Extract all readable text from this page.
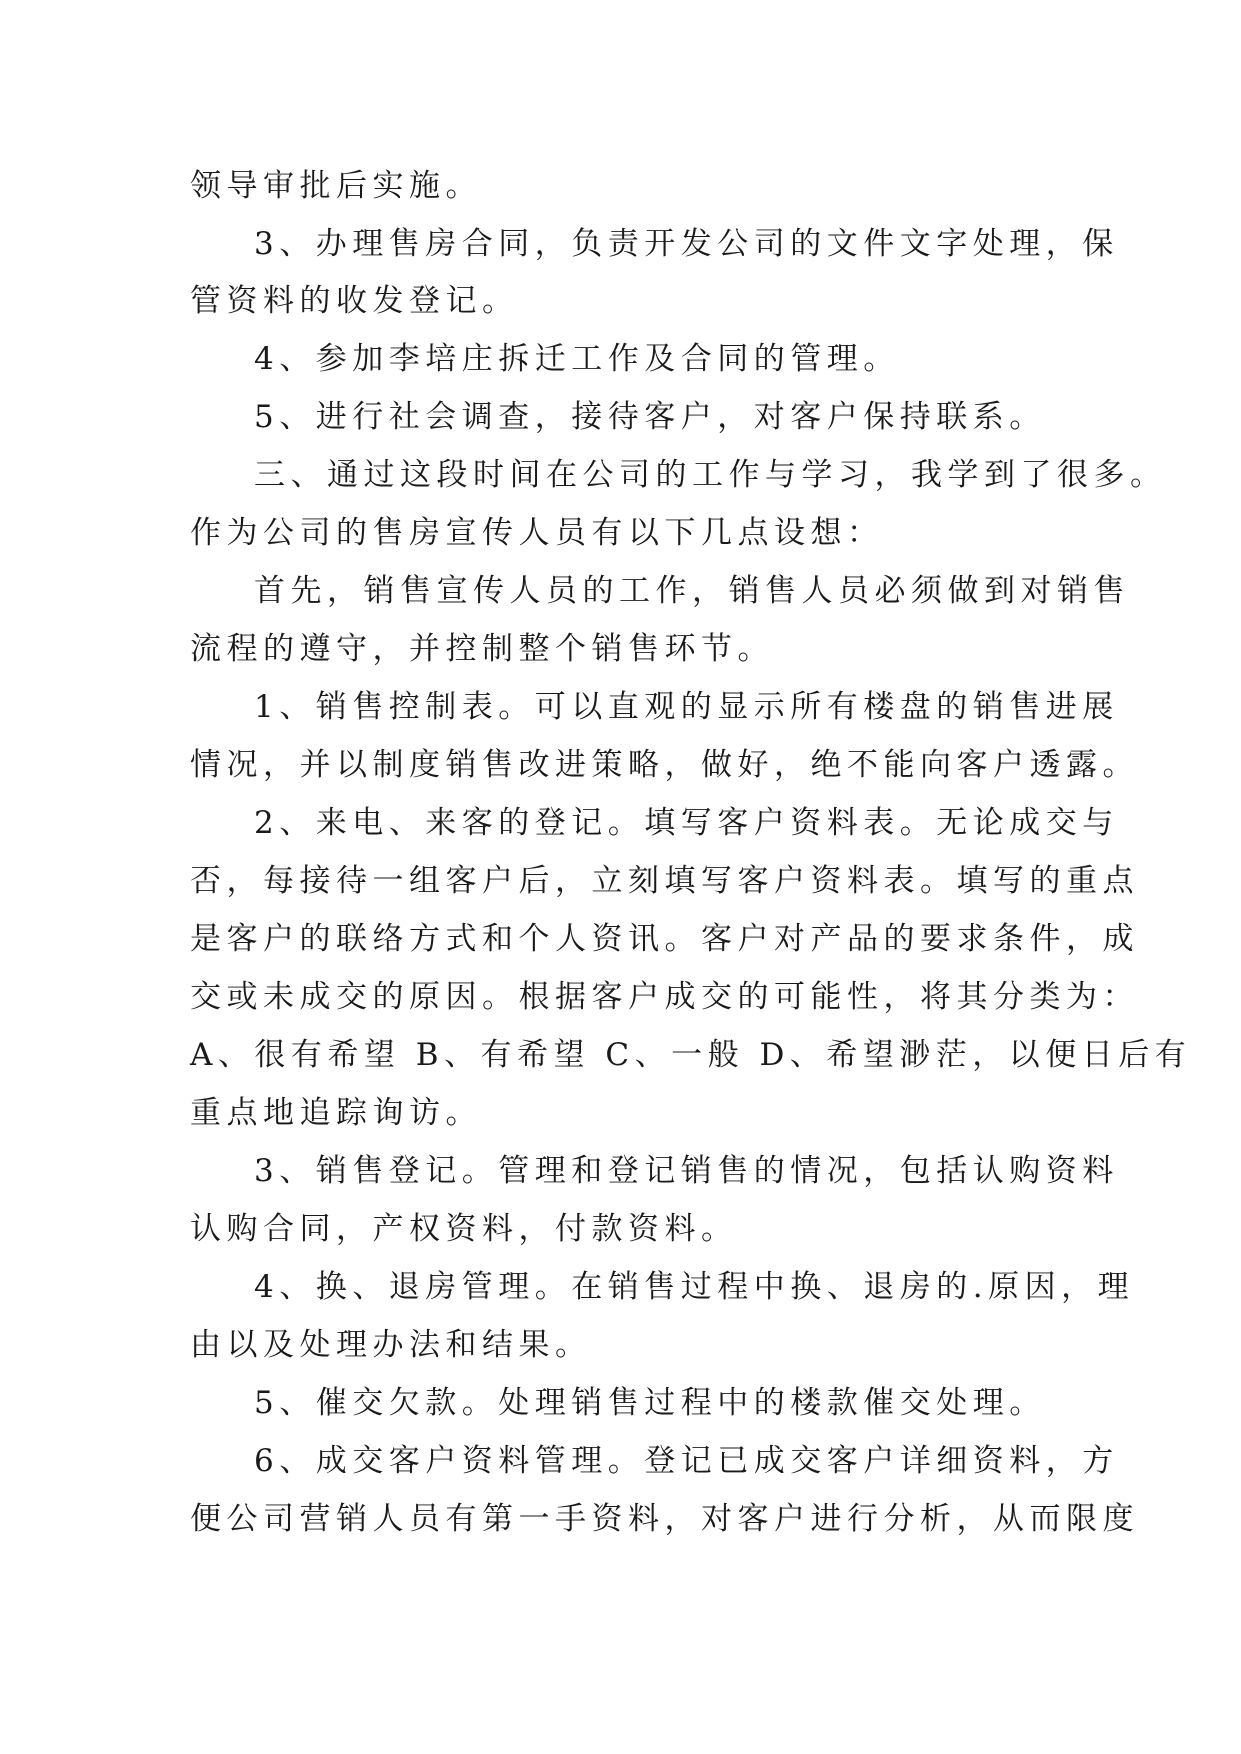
领导审批后实施。
3、办理售房合同，负责开发公司的文件文字处理，保
管资料的收发登记。
4、参加李培庄拆迁工作及合同的管理。
5、进行社会调查，接待客户，对客户保持联系。
三、通过这段时间在公司的工作与学习，我学到了很多。
作为公司的售房宣传人员有以下几点设想：
首先，销售宣传人员的工作，销售人员必须做到对销售
流程的遵守，并控制整个销售环节。
1、销售控制表。可以直观的显示所有楼盘的销售进展
情况，并以制度销售改进策略，做好，绝不能向客户透露。
2、来电、来客的登记。填写客户资料表。无论成交与
否，每接待一组客户后，立刻填写客户资料表。填写的重点
是客户的联络方式和个人资讯。客户对产品的要求条件，成
交或未成交的原因。根据客户成交的可能性，将其分类为：
A、很有希望 B、有希望 C、一般 D、希望渺茫，以便日后有
重点地追踪询访。
3、销售登记。管理和登记销售的情况，包括认购资料
认购合同，产权资料，付款资料。
4、换、退房管理。在销售过程中换、退房的.原因，理
由以及处理办法和结果。
5、催交欠款。处理销售过程中的楼款催交处理。
6、成交客户资料管理。登记已成交客户详细资料，方
便公司营销人员有第一手资料，对客户进行分析，从而限度
